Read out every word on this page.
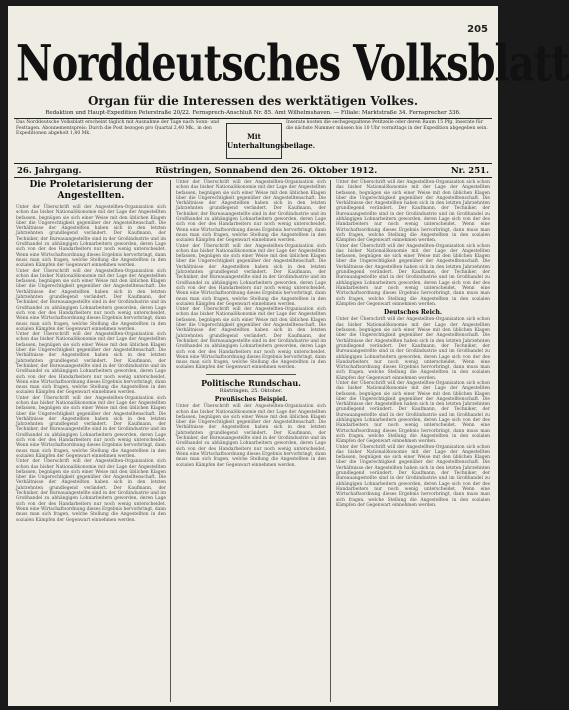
205
Norddeutsches Volksblatt
Organ für die Interessen des werktätigen Volkes.
Redaktion und Haupt-Expedition Peterstraße 20/22. Fernsprech-Anschluß Nr. 85. Amt Wilhelmshaven. — Filiale: Marktstraße 34. Fernsprecher 336.
Das Norddeutsche Volksblatt erscheint täglich mit Ausnahme der Tage nach Sonn- und Festtagen. Abonnementspreis: Durch die Post bezogen pro Quartal 2,40 Mk., in den Expeditionen abgeholt 1,80 Mk.	Mit Unterhaltungsbeilage.
Inserate kosten die sechsgespaltene Petitzeile oder deren Raum 15 Pfg. Inserate für die nächste Nummer müssen bis 10 Uhr vormittags in der Expedition abgegeben sein.
26. Jahrgang.	Rüstringen, Sonnabend den 26. Oktober 1912.	Nr. 251.
Die Proletarisierung der Angestellten.
Unter der Überschrift will der Angestellten-Organisation sich schon das bisher Nationalökonomie mit der Lage der Angestellten befassen, begnügen sie sich einer Weise mit den üblichen Klagen über die Ungerechtigkeit gegenüber der Angestelltenschaft. Die Verhältnisse der Angestellten haben sich in den letzten Jahrzehnten grundlegend verändert. Der Kaufmann, der Techniker, der Bureauangestellte sind in der Großindustrie und im Großhandel zu abhängigen Lohnarbeitern geworden, deren Lage sich von der des Handarbeiters nur noch wenig unterscheidet. Wenn eine Wirtschaftsordnung dieses Ergebnis hervorbringt, dann muss man sich fragen, welche Stellung die Angestellten in den sozialen Kämpfen der Gegenwart einnehmen werden.
Unter der Überschrift will der Angestellten-Organisation sich schon das bisher Nationalökonomie mit der Lage der Angestellten befassen, begnügen sie sich einer Weise mit den üblichen Klagen über die Ungerechtigkeit gegenüber der Angestelltenschaft. Die Verhältnisse der Angestellten haben sich in den letzten Jahrzehnten grundlegend verändert. Der Kaufmann, der Techniker, der Bureauangestellte sind in der Großindustrie und im Großhandel zu abhängigen Lohnarbeitern geworden, deren Lage sich von der des Handarbeiters nur noch wenig unterscheidet. Wenn eine Wirtschaftsordnung dieses Ergebnis hervorbringt, dann muss man sich fragen, welche Stellung die Angestellten in den sozialen Kämpfen der Gegenwart einnehmen werden.
Unter der Überschrift will der Angestellten-Organisation sich schon das bisher Nationalökonomie mit der Lage der Angestellten befassen, begnügen sie sich einer Weise mit den üblichen Klagen über die Ungerechtigkeit gegenüber der Angestelltenschaft. Die Verhältnisse der Angestellten haben sich in den letzten Jahrzehnten grundlegend verändert. Der Kaufmann, der Techniker, der Bureauangestellte sind in der Großindustrie und im Großhandel zu abhängigen Lohnarbeitern geworden, deren Lage sich von der des Handarbeiters nur noch wenig unterscheidet. Wenn eine Wirtschaftsordnung dieses Ergebnis hervorbringt, dann muss man sich fragen, welche Stellung die Angestellten in den sozialen Kämpfen der Gegenwart einnehmen werden.
Unter der Überschrift will der Angestellten-Organisation sich schon das bisher Nationalökonomie mit der Lage der Angestellten befassen, begnügen sie sich einer Weise mit den üblichen Klagen über die Ungerechtigkeit gegenüber der Angestelltenschaft. Die Verhältnisse der Angestellten haben sich in den letzten Jahrzehnten grundlegend verändert. Der Kaufmann, der Techniker, der Bureauangestellte sind in der Großindustrie und im Großhandel zu abhängigen Lohnarbeitern geworden, deren Lage sich von der des Handarbeiters nur noch wenig unterscheidet. Wenn eine Wirtschaftsordnung dieses Ergebnis hervorbringt, dann muss man sich fragen, welche Stellung die Angestellten in den sozialen Kämpfen der Gegenwart einnehmen werden.
Unter der Überschrift will der Angestellten-Organisation sich schon das bisher Nationalökonomie mit der Lage der Angestellten befassen, begnügen sie sich einer Weise mit den üblichen Klagen über die Ungerechtigkeit gegenüber der Angestelltenschaft. Die Verhältnisse der Angestellten haben sich in den letzten Jahrzehnten grundlegend verändert. Der Kaufmann, der Techniker, der Bureauangestellte sind in der Großindustrie und im Großhandel zu abhängigen Lohnarbeitern geworden, deren Lage sich von der des Handarbeiters nur noch wenig unterscheidet. Wenn eine Wirtschaftsordnung dieses Ergebnis hervorbringt, dann muss man sich fragen, welche Stellung die Angestellten in den sozialen Kämpfen der Gegenwart einnehmen werden.
Unter der Überschrift will der Angestellten-Organisation sich schon das bisher Nationalökonomie mit der Lage der Angestellten befassen, begnügen sie sich einer Weise mit den üblichen Klagen über die Ungerechtigkeit gegenüber der Angestelltenschaft. Die Verhältnisse der Angestellten haben sich in den letzten Jahrzehnten grundlegend verändert. Der Kaufmann, der Techniker, der Bureauangestellte sind in der Großindustrie und im Großhandel zu abhängigen Lohnarbeitern geworden, deren Lage sich von der des Handarbeiters nur noch wenig unterscheidet. Wenn eine Wirtschaftsordnung dieses Ergebnis hervorbringt, dann muss man sich fragen, welche Stellung die Angestellten in den sozialen Kämpfen der Gegenwart einnehmen werden.
Unter der Überschrift will der Angestellten-Organisation sich schon das bisher Nationalökonomie mit der Lage der Angestellten befassen, begnügen sie sich einer Weise mit den üblichen Klagen über die Ungerechtigkeit gegenüber der Angestelltenschaft. Die Verhältnisse der Angestellten haben sich in den letzten Jahrzehnten grundlegend verändert. Der Kaufmann, der Techniker, der Bureauangestellte sind in der Großindustrie und im Großhandel zu abhängigen Lohnarbeitern geworden, deren Lage sich von der des Handarbeiters nur noch wenig unterscheidet. Wenn eine Wirtschaftsordnung dieses Ergebnis hervorbringt, dann muss man sich fragen, welche Stellung die Angestellten in den sozialen Kämpfen der Gegenwart einnehmen werden.
Unter der Überschrift will der Angestellten-Organisation sich schon das bisher Nationalökonomie mit der Lage der Angestellten befassen, begnügen sie sich einer Weise mit den üblichen Klagen über die Ungerechtigkeit gegenüber der Angestelltenschaft. Die Verhältnisse der Angestellten haben sich in den letzten Jahrzehnten grundlegend verändert. Der Kaufmann, der Techniker, der Bureauangestellte sind in der Großindustrie und im Großhandel zu abhängigen Lohnarbeitern geworden, deren Lage sich von der des Handarbeiters nur noch wenig unterscheidet. Wenn eine Wirtschaftsordnung dieses Ergebnis hervorbringt, dann muss man sich fragen, welche Stellung die Angestellten in den sozialen Kämpfen der Gegenwart einnehmen werden.
Politische Rundschau.
Rüstringen, 25. Oktober.
Preußisches Beispiel.
Unter der Überschrift will der Angestellten-Organisation sich schon das bisher Nationalökonomie mit der Lage der Angestellten befassen, begnügen sie sich einer Weise mit den üblichen Klagen über die Ungerechtigkeit gegenüber der Angestelltenschaft. Die Verhältnisse der Angestellten haben sich in den letzten Jahrzehnten grundlegend verändert. Der Kaufmann, der Techniker, der Bureauangestellte sind in der Großindustrie und im Großhandel zu abhängigen Lohnarbeitern geworden, deren Lage sich von der des Handarbeiters nur noch wenig unterscheidet. Wenn eine Wirtschaftsordnung dieses Ergebnis hervorbringt, dann muss man sich fragen, welche Stellung die Angestellten in den sozialen Kämpfen der Gegenwart einnehmen werden.
Unter der Überschrift will der Angestellten-Organisation sich schon das bisher Nationalökonomie mit der Lage der Angestellten befassen, begnügen sie sich einer Weise mit den üblichen Klagen über die Ungerechtigkeit gegenüber der Angestelltenschaft. Die Verhältnisse der Angestellten haben sich in den letzten Jahrzehnten grundlegend verändert. Der Kaufmann, der Techniker, der Bureauangestellte sind in der Großindustrie und im Großhandel zu abhängigen Lohnarbeitern geworden, deren Lage sich von der des Handarbeiters nur noch wenig unterscheidet. Wenn eine Wirtschaftsordnung dieses Ergebnis hervorbringt, dann muss man sich fragen, welche Stellung die Angestellten in den sozialen Kämpfen der Gegenwart einnehmen werden.
Unter der Überschrift will der Angestellten-Organisation sich schon das bisher Nationalökonomie mit der Lage der Angestellten befassen, begnügen sie sich einer Weise mit den üblichen Klagen über die Ungerechtigkeit gegenüber der Angestelltenschaft. Die Verhältnisse der Angestellten haben sich in den letzten Jahrzehnten grundlegend verändert. Der Kaufmann, der Techniker, der Bureauangestellte sind in der Großindustrie und im Großhandel zu abhängigen Lohnarbeitern geworden, deren Lage sich von der des Handarbeiters nur noch wenig unterscheidet. Wenn eine Wirtschaftsordnung dieses Ergebnis hervorbringt, dann muss man sich fragen, welche Stellung die Angestellten in den sozialen Kämpfen der Gegenwart einnehmen werden.
Deutsches Reich.
Unter der Überschrift will der Angestellten-Organisation sich schon das bisher Nationalökonomie mit der Lage der Angestellten befassen, begnügen sie sich einer Weise mit den üblichen Klagen über die Ungerechtigkeit gegenüber der Angestelltenschaft. Die Verhältnisse der Angestellten haben sich in den letzten Jahrzehnten grundlegend verändert. Der Kaufmann, der Techniker, der Bureauangestellte sind in der Großindustrie und im Großhandel zu abhängigen Lohnarbeitern geworden, deren Lage sich von der des Handarbeiters nur noch wenig unterscheidet. Wenn eine Wirtschaftsordnung dieses Ergebnis hervorbringt, dann muss man sich fragen, welche Stellung die Angestellten in den sozialen Kämpfen der Gegenwart einnehmen werden.
Unter der Überschrift will der Angestellten-Organisation sich schon das bisher Nationalökonomie mit der Lage der Angestellten befassen, begnügen sie sich einer Weise mit den üblichen Klagen über die Ungerechtigkeit gegenüber der Angestelltenschaft. Die Verhältnisse der Angestellten haben sich in den letzten Jahrzehnten grundlegend verändert. Der Kaufmann, der Techniker, der Bureauangestellte sind in der Großindustrie und im Großhandel zu abhängigen Lohnarbeitern geworden, deren Lage sich von der des Handarbeiters nur noch wenig unterscheidet. Wenn eine Wirtschaftsordnung dieses Ergebnis hervorbringt, dann muss man sich fragen, welche Stellung die Angestellten in den sozialen Kämpfen der Gegenwart einnehmen werden.
Unter der Überschrift will der Angestellten-Organisation sich schon das bisher Nationalökonomie mit der Lage der Angestellten befassen, begnügen sie sich einer Weise mit den üblichen Klagen über die Ungerechtigkeit gegenüber der Angestelltenschaft. Die Verhältnisse der Angestellten haben sich in den letzten Jahrzehnten grundlegend verändert. Der Kaufmann, der Techniker, der Bureauangestellte sind in der Großindustrie und im Großhandel zu abhängigen Lohnarbeitern geworden, deren Lage sich von der des Handarbeiters nur noch wenig unterscheidet. Wenn eine Wirtschaftsordnung dieses Ergebnis hervorbringt, dann muss man sich fragen, welche Stellung die Angestellten in den sozialen Kämpfen der Gegenwart einnehmen werden.
